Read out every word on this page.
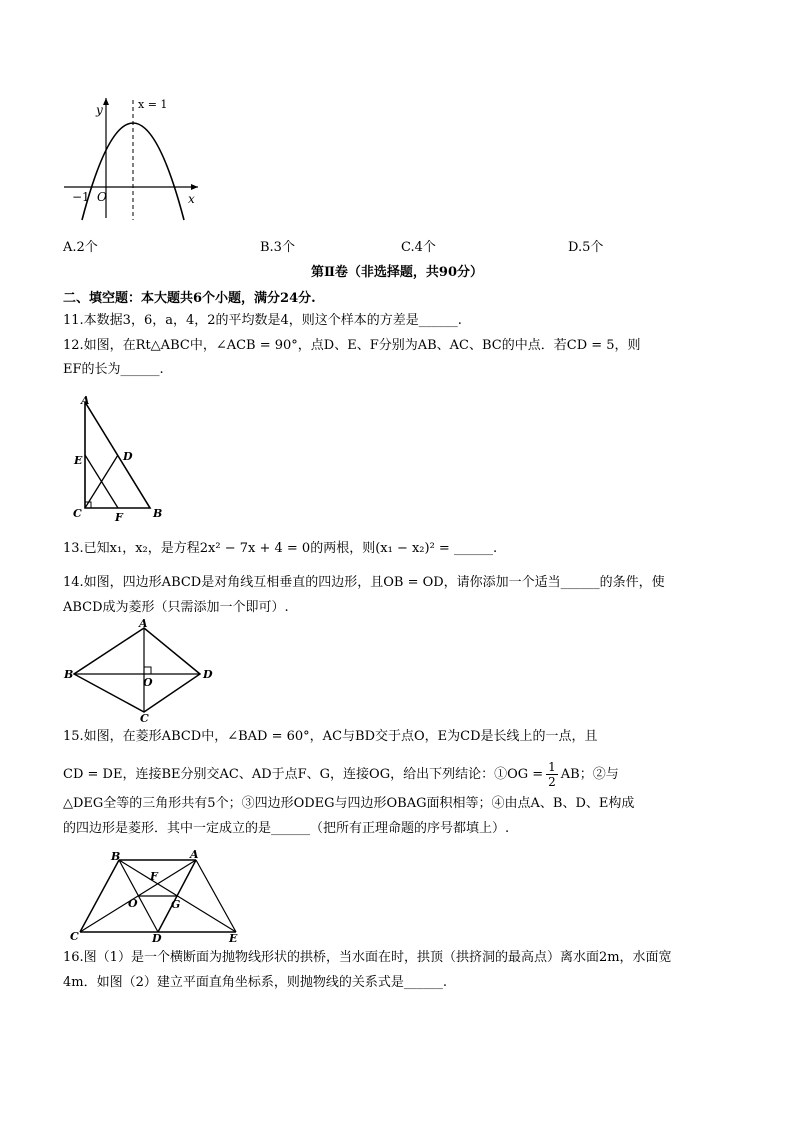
x = 1
y
x
O
−1
A.2个	B.3个	C.4个	D.5个
第Ⅱ卷（非选择题，共90分）
二、填空题：本大题共6个小题，满分24分.
11.本数据3，6，a，4，2的平均数是4，则这个样本的方差是______.
12.如图，在Rt△ABC中，∠ACB = 90°，点D、E、F分别为AB、AC、BC的中点．若CD = 5，则
EF的长为______.
A
E	D
C	F	B
13.已知x₁，x₂，是方程2x² − 7x + 4 = 0的两根，则(x₁ − x₂)² = ______.
14.如图，四边形ABCD是对角线互相垂直的四边形，且OB = OD，请你添加一个适当______的条件，使
ABCD成为菱形（只需添加一个即可）.
A
B
O
D
C
15.如图，在菱形ABCD中，∠BAD = 60°，AC与BD交于点O，E为CD是长线上的一点，且
CD = DE，连接BE分别交AC、AD于点F、G，连接OG，给出下列结论：①OG = $\frac{1}{2}$ AB；②与
△DEG全等的三角形共有5个；③四边形ODEG与四边形OBAG面积相等；④由点A、B、D、E构成
的四边形是菱形．其中一定成立的是______（把所有正理命题的序号都填上）.
B	A
F
O	G
C	D	E
16.图（1）是一个横断面为抛物线形状的拱桥，当水面在时，拱顶（拱挤洞的最高点）离水面2m，水面宽
4m．如图（2）建立平面直角坐标系，则抛物线的关系式是______.
